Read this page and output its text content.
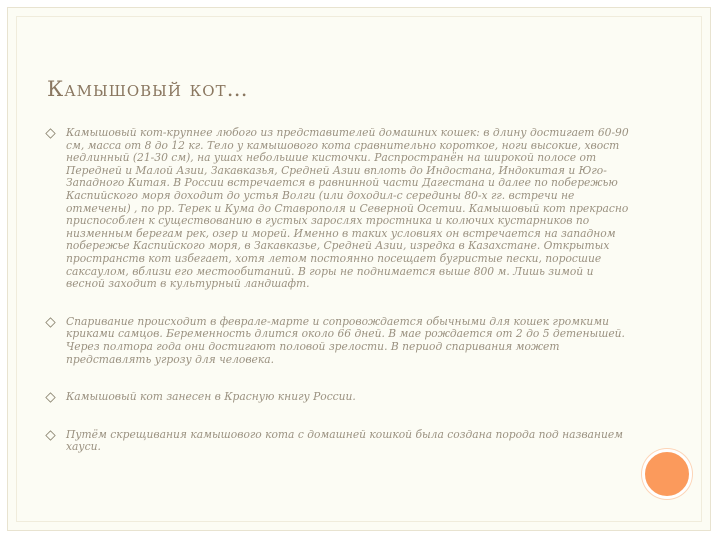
Камышовый кот…
Камышовый кот-крупнее любого из представителей домашних кошек: в длину достигает 60-90 см, масса от 8 до 12 кг. Тело у камышового кота сравнительно короткое, ноги высокие, хвост недлинный (21-30 см), на ушах небольшие кисточки. Распространён на широкой полосе от Передней и Малой Азии, Закавказья, Средней Азии вплоть до Индостана, Индокитая и Юго-Западного Китая. В России встречается в равнинной части Дагестана и далее по побережью Каспийского моря доходит до устья Волги (или доходил-с середины 80-х гг. встречи не отмечены) , по рр. Терек и Кума до Ставрополя и Северной Осетии. Камышовый кот прекрасно приспособлен к существованию в густых зарослях тростника и колючих кустарников по низменным берегам рек, озер и морей. Именно в таких условиях он встречается на западном побережье Каспийского моря, в Закавказье, Средней Азии, изредка в Казахстане. Открытых пространств кот избегает, хотя летом постоянно посещает бугристые пески, поросшие саксаулом, вблизи его местообитаний. В горы не поднимается выше 800 м. Лишь зимой и весной заходит в культурный ландшафт.
Спаривание происходит в феврале-марте и сопровождается обычными для кошек громкими криками самцов. Беременность длится около 66 дней. В мае рождается от 2 до 5 детенышей. Через полтора года они достигают половой зрелости. В период спаривания может представлять угрозу для человека.
Камышовый кот занесен в Красную книгу России.
Путём скрещивания камышового кота с домашней кошкой была создана порода под названием хауси.
